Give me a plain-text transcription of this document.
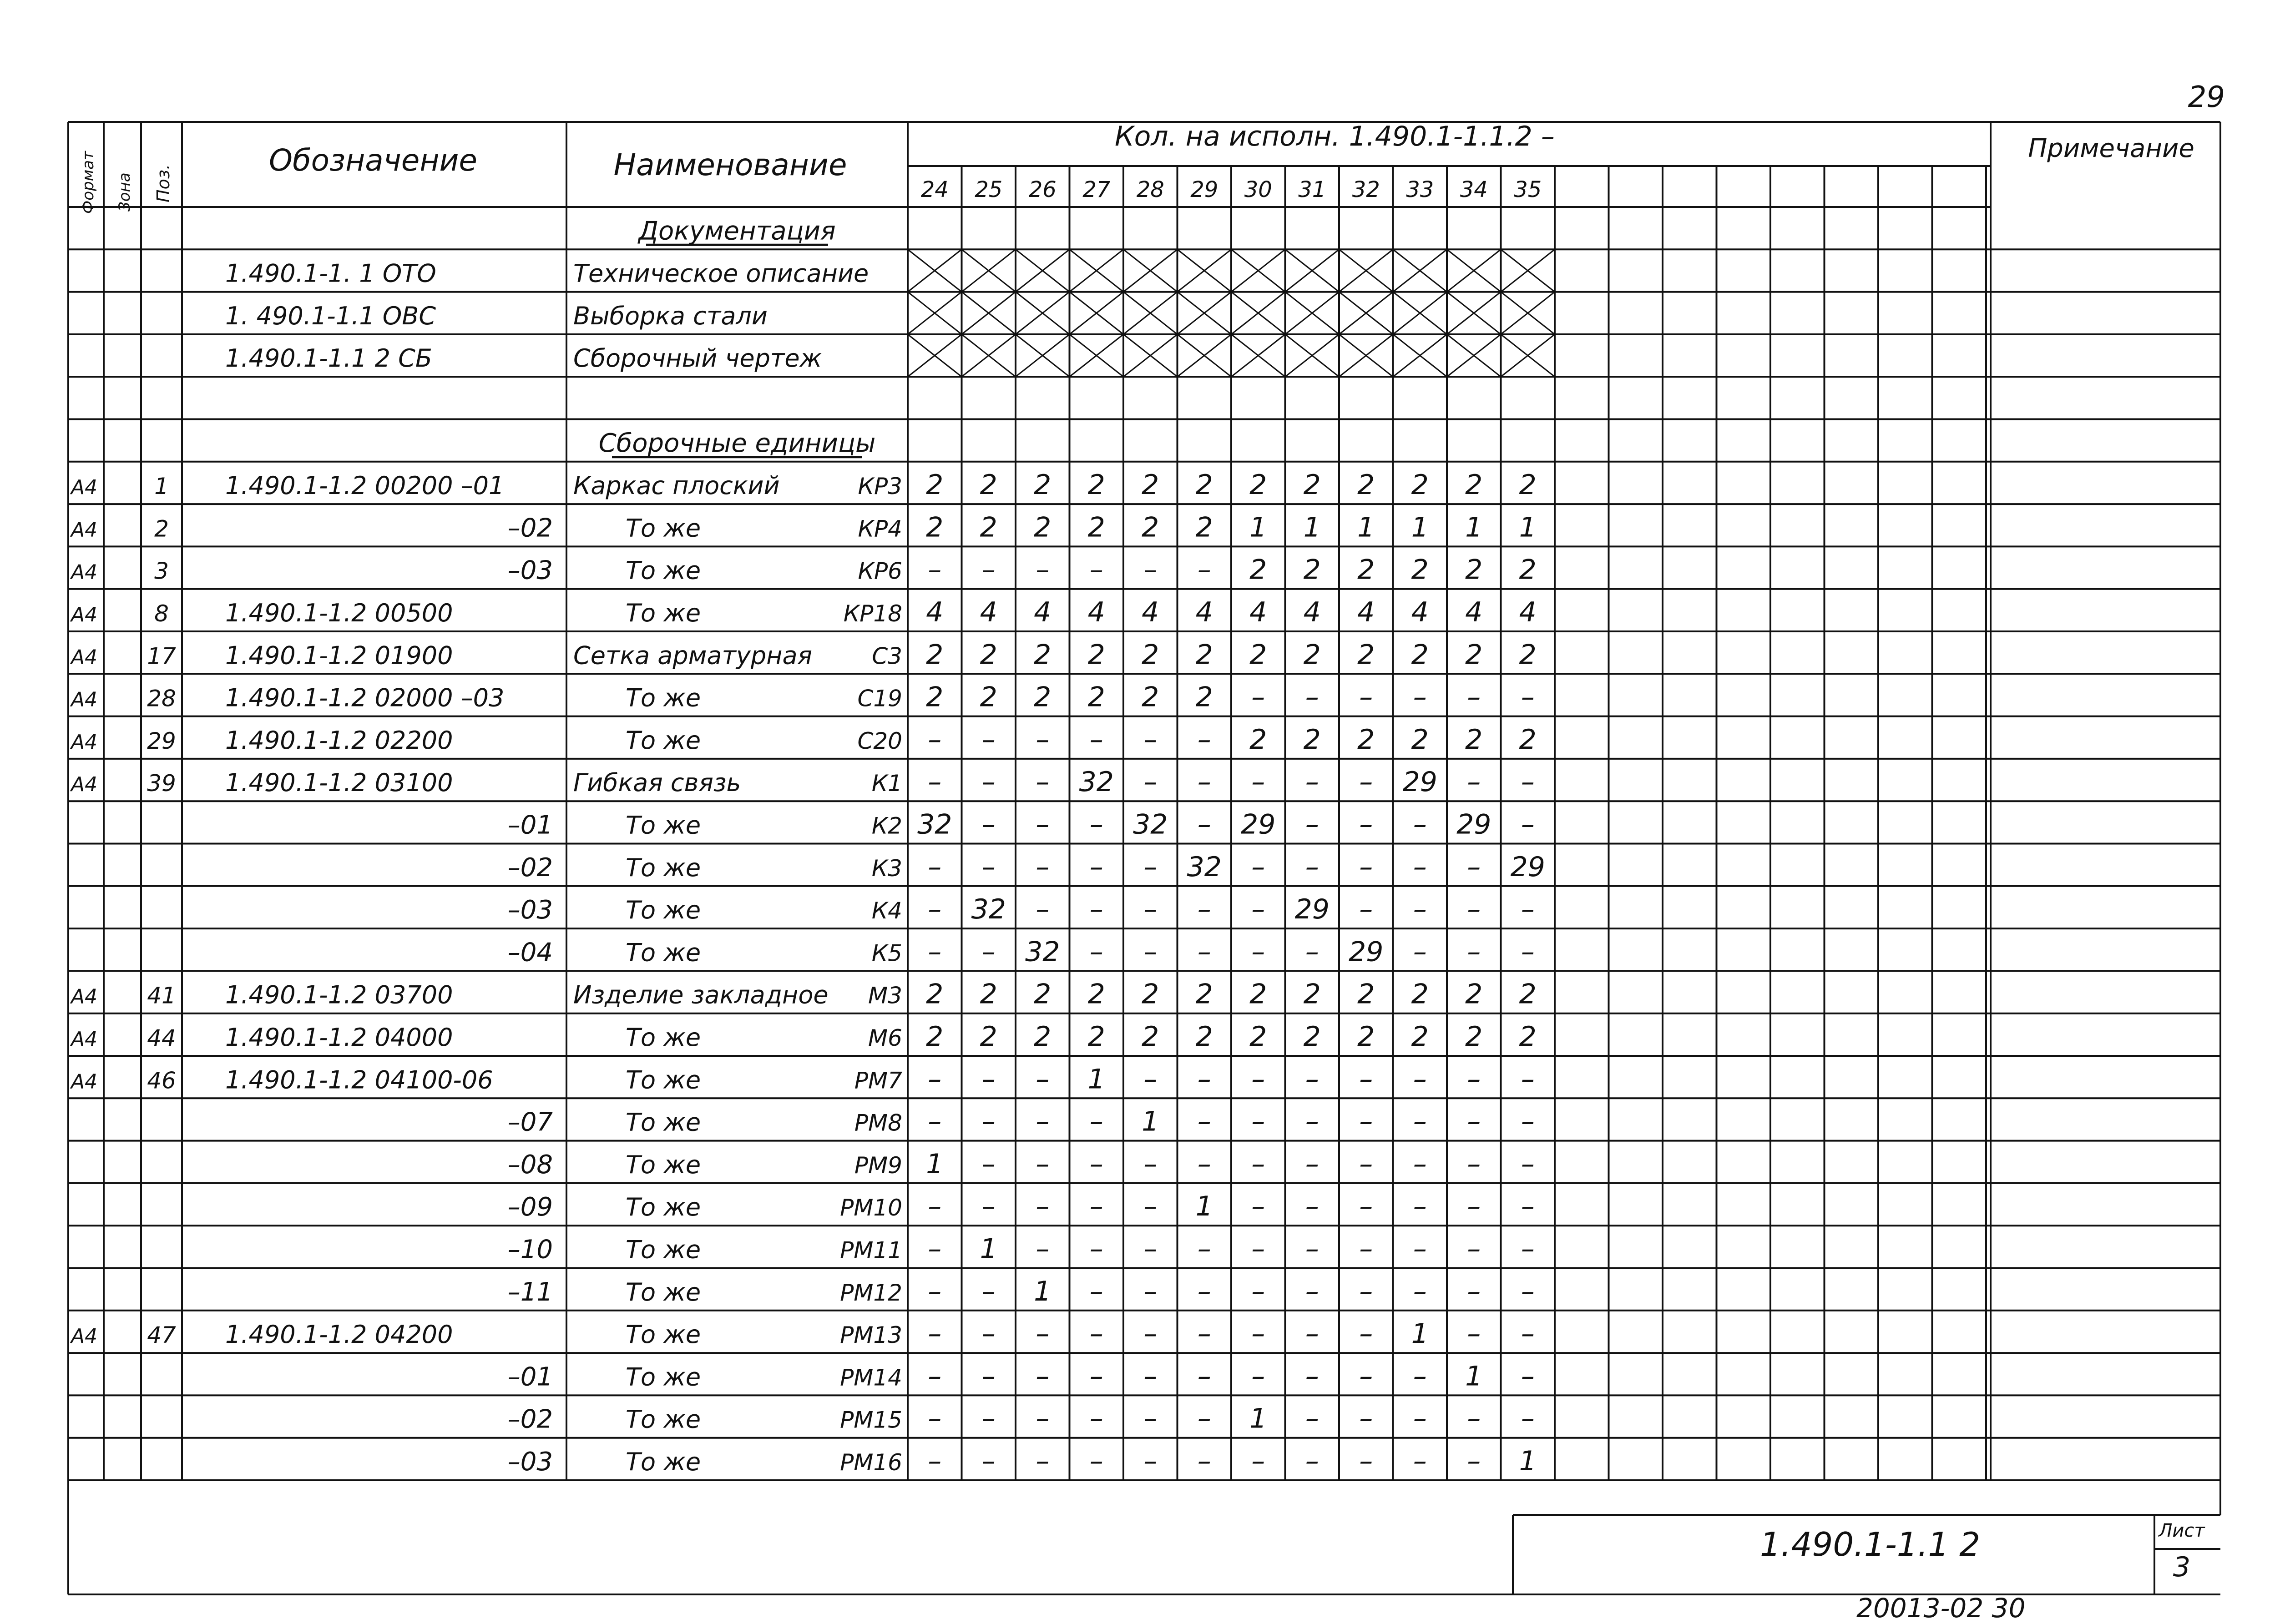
29
Формат Зона Поз.
Обозначение	Наименование
Кол. на исполн. 1.490.1-1.1.2 –	Примечание
24 25 26 27 28 29 30 31 32 33 34 35
Документация
1.490.1-1. 1 ОТО	Техническое описание
1. 490.1-1.1 ОВС	Выборка стали
1.490.1-1.1 2 СБ	Сборочный чертеж
Сборочные единицы
А4	1 1.490.1-1.2 00200 –01	Каркас плоский	КР3 2 2 2 2 2 2 2 2 2 2 2 2
А4	2	–02	То же	КР4 2 2 2 2 2 2 1 1 1 1 1 1
А4	3	–03	То же	КР6 – – – – – – 2 2 2 2 2 2
А4	8 1.490.1-1.2 00500	То же	КР18 4 4 4 4 4 4 4 4 4 4 4 4
А4 17 1.490.1-1.2 01900	Сетка арматурная	С3 2 2 2 2 2 2 2 2 2 2 2 2
А4 28 1.490.1-1.2 02000 –03	То же	С19 2 2 2 2 2 2 – – – – – –
А4 29 1.490.1-1.2 02200	То же	С20 – – – – – – 2 2 2 2 2 2
А4 39 1.490.1-1.2 03100	Гибкая связь	К1 – – – 32 – – – – – 29 – –
–01	То же	К2 32 – – – 32 – 29 – – – 29 –
–02	То же	К3 – – – – – 32 – – – – – 29
–03	То же	К4 – 32 – – – – – 29 – – – –
–04	То же	К5 – – 32 – – – – – 29 – – –
А4 41 1.490.1-1.2 03700	Изделие закладное М3 2 2 2 2 2 2 2 2 2 2 2 2
А4 44 1.490.1-1.2 04000	То же	М6 2 2 2 2 2 2 2 2 2 2 2 2
А4 46 1.490.1-1.2 04100-06	То же	РМ7 – – – 1 – – – – – – – –
–07	То же	РМ8 – – – – 1 – – – – – – –
–08	То же	РМ9 1 – – – – – – – – – – –
–09	То же	РМ10 – – – – – 1 – – – – – –
–10	То же	РМ11 – 1 – – – – – – – – – –
–11	То же	РМ12 – – 1 – – – – – – – – –
А4 47 1.490.1-1.2 04200	То же	РМ13 – – – – – – – – – 1 – –
–01	То же	РМ14 – – – – – – – – – – 1 –
–02	То же	РМ15 – – – – – – 1 – – – – –
–03	То же	РМ16 – – – – – – – – – – – 1
1.490.1-1.1 2	Лист
3
20013-02 30
